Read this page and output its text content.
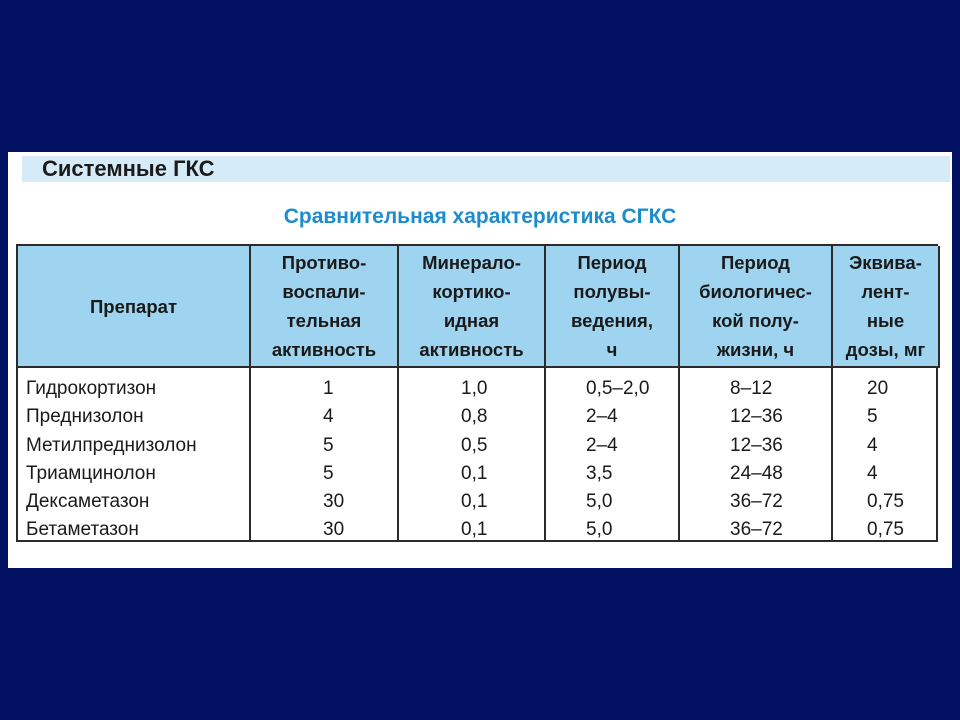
Системные ГКС
Сравнительная характеристика СГКС
Препарат
Противо-
воспали-
тельная
активность
Минерало-
кортико-
идная
активность
Период
полувы-
ведения,
ч
Период
биологичес-
кой полу-
жизни, ч
Эквива-
лент-
ные
дозы, мг
Гидрокортизон
Преднизолон
Метилпреднизолон
Триамцинолон
Дексаметазон
Бетаметазон
1
4
5
5
30
30
1,0
0,8
0,5
0,1
0,1
0,1
0,5–2,0
2–4
2–4
3,5
5,0
5,0
8–12
12–36
12–36
24–48
36–72
36–72
20
5
4
4
0,75
0,75
